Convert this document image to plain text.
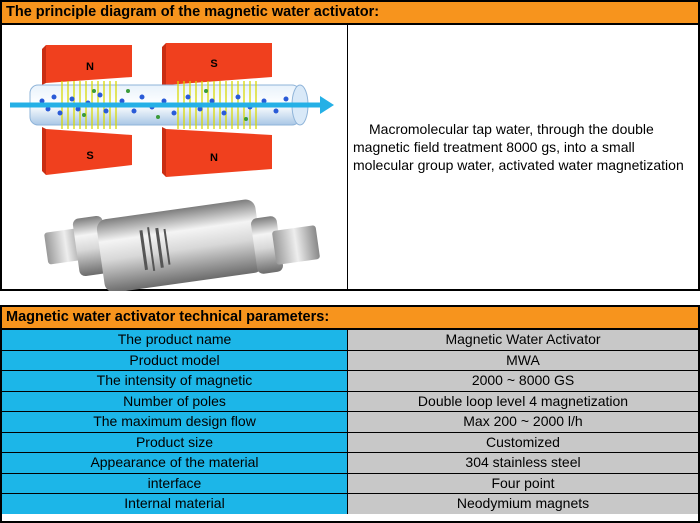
The principle diagram of the magnetic water activator:
N	S
S	N
Macromolecular tap water, through the double magnetic field treatment 8000 gs, into a small molecular group water, activated water magnetization
Magnetic water activator technical parameters:
The product name	Magnetic Water Activator
Product model	MWA
The intensity of magnetic	2000 ~ 8000 GS
Number of poles	Double loop level 4 magnetization
The maximum design flow	Max 200 ~ 2000 l/h
Product size	Customized
Appearance of the material	304 stainless steel
interface	Four point
Internal material	Neodymium magnets
